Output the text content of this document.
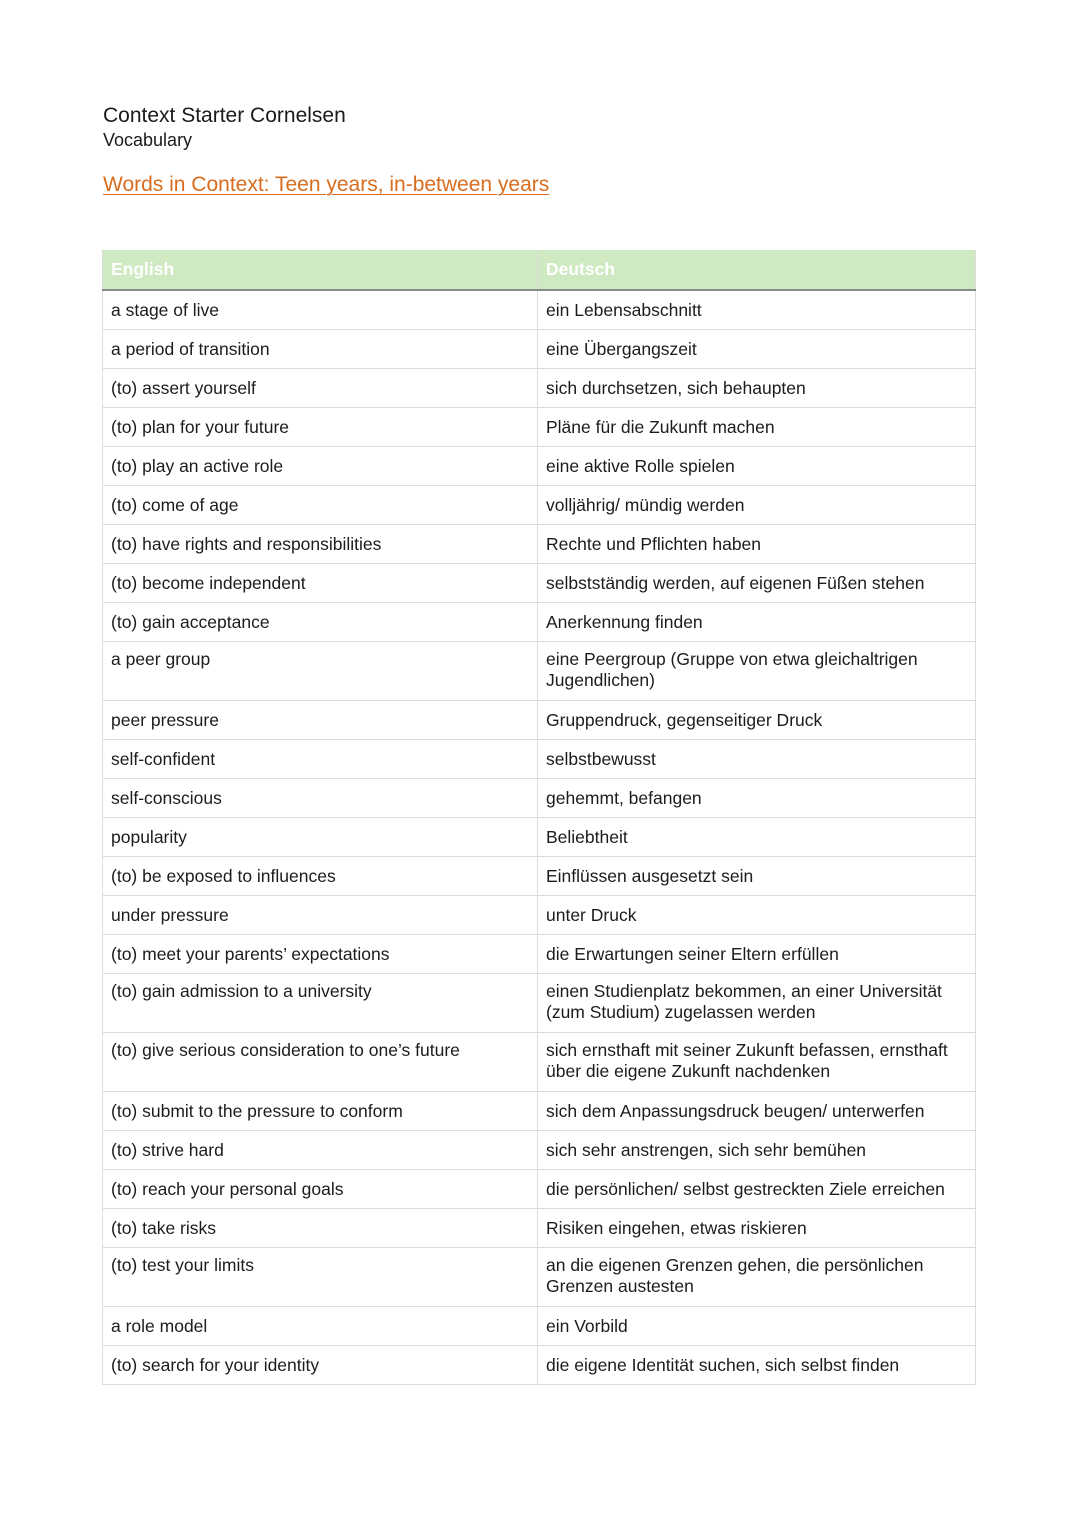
Context Starter Cornelsen
Vocabulary
Words in Context: Teen years, in-between years
English	Deutsch
a stage of live	ein Lebensabschnitt
a period of transition	eine Übergangszeit
(to) assert yourself	sich durchsetzen, sich behaupten
(to) plan for your future	Pläne für die Zukunft machen
(to) play an active role	eine aktive Rolle spielen
(to) come of age	volljährig/ mündig werden
(to) have rights and responsibilities	Rechte und Pflichten haben
(to) become independent	selbstständig werden, auf eigenen Füßen stehen
(to) gain acceptance	Anerkennung finden
a peer group	eine Peergroup (Gruppe von etwa gleichaltrigen Jugendlichen)
peer pressure	Gruppendruck, gegenseitiger Druck
self-confident	selbstbewusst
self-conscious	gehemmt, befangen
popularity	Beliebtheit
(to) be exposed to influences	Einflüssen ausgesetzt sein
under pressure	unter Druck
(to) meet your parents’ expectations	die Erwartungen seiner Eltern erfüllen
(to) gain admission to a university	einen Studienplatz bekommen, an einer Universität (zum Studium) zugelassen werden
(to) give serious consideration to one’s future	sich ernsthaft mit seiner Zukunft befassen, ernsthaft über die eigene Zukunft nachdenken
(to) submit to the pressure to conform	sich dem Anpassungsdruck beugen/ unterwerfen
(to) strive hard	sich sehr anstrengen, sich sehr bemühen
(to) reach your personal goals	die persönlichen/ selbst gestreckten Ziele erreichen
(to) take risks	Risiken eingehen, etwas riskieren
(to) test your limits	an die eigenen Grenzen gehen, die persönlichen Grenzen austesten
a role model	ein Vorbild
(to) search for your identity	die eigene Identität suchen, sich selbst finden
